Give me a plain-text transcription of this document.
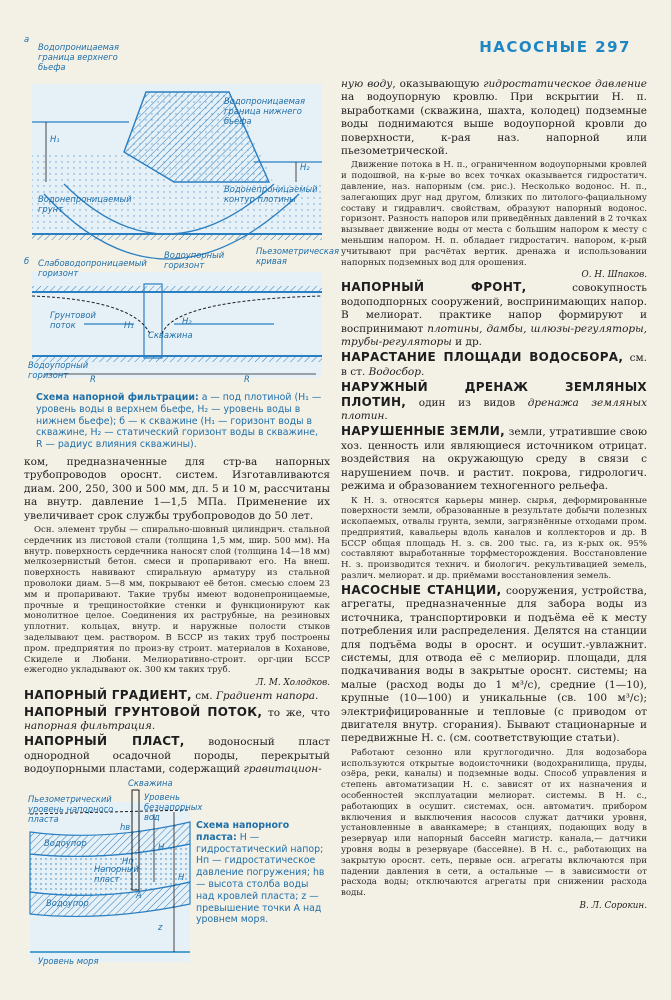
НАСОСНЫЕ 297
а
Водопроницаемая граница верхнего бьефа
Водопроницаемая граница нижнего бьефа
Водонепроницаемый грунт
Водонепроницаемый контур плотины
H₁
H₂
б Слабоводопроницаемый горизонт
Водоупорный горизонт
Пьезометрическая кривая
Грунтовой поток
Скважина
Водоупорный горизонт
H₁	H₂
R	R
Схема напорной фильтрации: а — под плотиной (H₁ — уровень воды в верхнем бьефе, H₂ — уровень воды в нижнем бьефе); б — к скважине (H₁ — горизонт воды в скважине, H₂ — статический горизонт воды в скважине, R — радиус влияния скважины).

ком, предназначенные для стр-ва напорных трубопроводов ороснт. систем. Изготавливаются диам. 200, 250, 300 и 500 мм, дл. 5 и 10 м, рассчитаны на внутр. давление 1—1,5 МПа. Применение их увеличивает срок службы трубопроводов до 50 лет.

Осн. элемент трубы — спирально-шовный цилиндрич. стальной сердечник из листовой стали (толщина 1,5 мм, шир. 500 мм). На внутр. поверхность сердечника наносят слой (толщина 14—18 мм) мелкозернистый бетон. смеси и пропаривают его. На внеш. поверхность навивают спиральную арматуру из стальной проволоки диам. 5—8 мм, покрывают её бетон. смесью слоем 23 мм и пропаривают. Такие трубы имеют водонепроницаемые, прочные и трещиностойкие стенки и функционируют как монолитное целое. Соединения их раструбные, на резиновых уплотнит. кольцах, внутр. и наружные полости стыков заделывают цем. раствором. В БССР из таких труб построены пром. предприятия по произ-ву строит. материалов в Кохановe, Скиделе и Любани. Мелиоративно-строит. орг-ции БССР ежегодно укладывают ок. 300 км таких труб.

Л. М. Холодков.

НАПОРНЫЙ ГРАДИЕНТ, см. Градиент напора.

НАПОРНЫЙ ГРУНТОВОЙ ПОТОК, то же, что напорная фильтрация.

НАПОРНЫЙ ПЛАСТ, водоносный пласт однородной осадочной породы, перекрытый водоупорными пластами, содержащий гравитацион-

Пьезометрический уровень напорного пласта
Скважина
Уровень безнапорных вод
Водоупор
Напорный пласт
Водоупор
Уровень моря
A
H
H
z
Hп
hв	Схема напорного пласта: H — гидростатический напор; Hп — гидростатическое давление погружения; hв — высота столба воды над кровлей пласта; z — превышение точки A над уровнем моря.

ную воду, оказывающую гидростатическое давление на водоупорную кровлю. При вскрытии Н. п. выработками (скважина, шахта, колодец) подземные воды поднимаются выше водоупорной кровли до поверхности, к-рая наз. напорной или пьезометрической.

Движение потока в Н. п., ограниченном водоупорными кровлей и подошвой, на к-рые во всех точках оказывается гидростатич. давление, наз. напорным (см. рис.). Несколько водонос. Н. п., залегающих друг над другом, близких по литолого-фациальному составу и гидравлич. свойствам, образуют напорный водонос. горизонт. Разность напоров или приведённых давлений в 2 точках вызывает движение воды от места с большим напором к месту с меньшим напором. Н. п. обладает гидростатич. напором, к-рый учитывают при расчётах вертик. дренажа и использовании напорных подземных вод для орошения.

О. Н. Шпаков.

НАПОРНЫЙ ФРОНТ, совокупность водоподпорных сооружений, воспринимающих напор. В мелиорат. практике напор формируют и воспринимают плотины, дамбы, шлюзы-регуляторы, трубы-регуляторы и др.

НАРАСТАНИЕ ПЛОЩАДИ ВОДОСБОРА, см. в ст. Водосбор.

НАРУЖНЫЙ ДРЕНАЖ ЗЕМЛЯНЫХ ПЛОТИН, один из видов дренажа земляных плотин.

НАРУШЕННЫЕ ЗЕМЛИ, земли, утратившие свою хоз. ценность или являющиеся источником отрицат. воздействия на окружающую среду в связи с нарушением почв. и растит. покрова, гидрологич. режима и образованием техногенного рельефа.

К Н. з. относятся карьеры минер. сырья, деформированные поверхности земли, образованные в результате добычи полезных ископаемых, отвалы грунта, земли, загрязнённые отходами пром. предприятий, кавальеры вдоль каналов и коллекторов и др. В БССР общая площадь Н. з. св. 200 тыс. га, из к-рых ок. 95% составляют выработанные торфместорождения. Восстановление Н. з. производится технич. и биологич. рекультивацией земель, различ. мелиорат. и др. приёмами восстановления земель.

НАСОСНЫЕ СТАНЦИИ, сооружения, устройства, агрегаты, предназначенные для забора воды из источника, транспортировки и подъёма её к месту потребления или распределения. Делятся на станции для подъёма воды в ороснт. и осушит.-увлажнит. системы, для отвода её с мелиорир. площади, для подкачивания воды в закрытые ороснт. системы; на малые (расход воды до 1 м³/с), средние (1—10), крупные (10—100) и уникальные (св. 100 м³/с); электрифицированные и тепловые (с приводом от двигателя внутр. сгорания). Бывают стационарные и передвижные Н. с. (см. соответствующие статьи).

Работают сезонно или круглогодично. Для водозабора используются открытые водоисточники (водохранилища, пруды, озёра, реки, каналы) и подземные воды. Способ управления и степень автоматизации Н. с. зависят от их назначения и особенностей эксплуатации мелиорат. системы. В Н. с., работающих в осушит. системах, осн. автоматич. прибором включения и выключения насосов служат датчики уровня, установленные в аванкамере; в станциях, подающих воду в резервуар или напорный бассейн магистр. канала,— датчики уровня воды в резервуаре (бассейне). В Н. с., работающих на закрытую ороснт. сеть, первые осн. агрегаты включаются при падении давления в сети, а остальные — в зависимости от расхода воды; отключаются агрегаты при снижении расхода воды.

В. Л. Сорокин.
